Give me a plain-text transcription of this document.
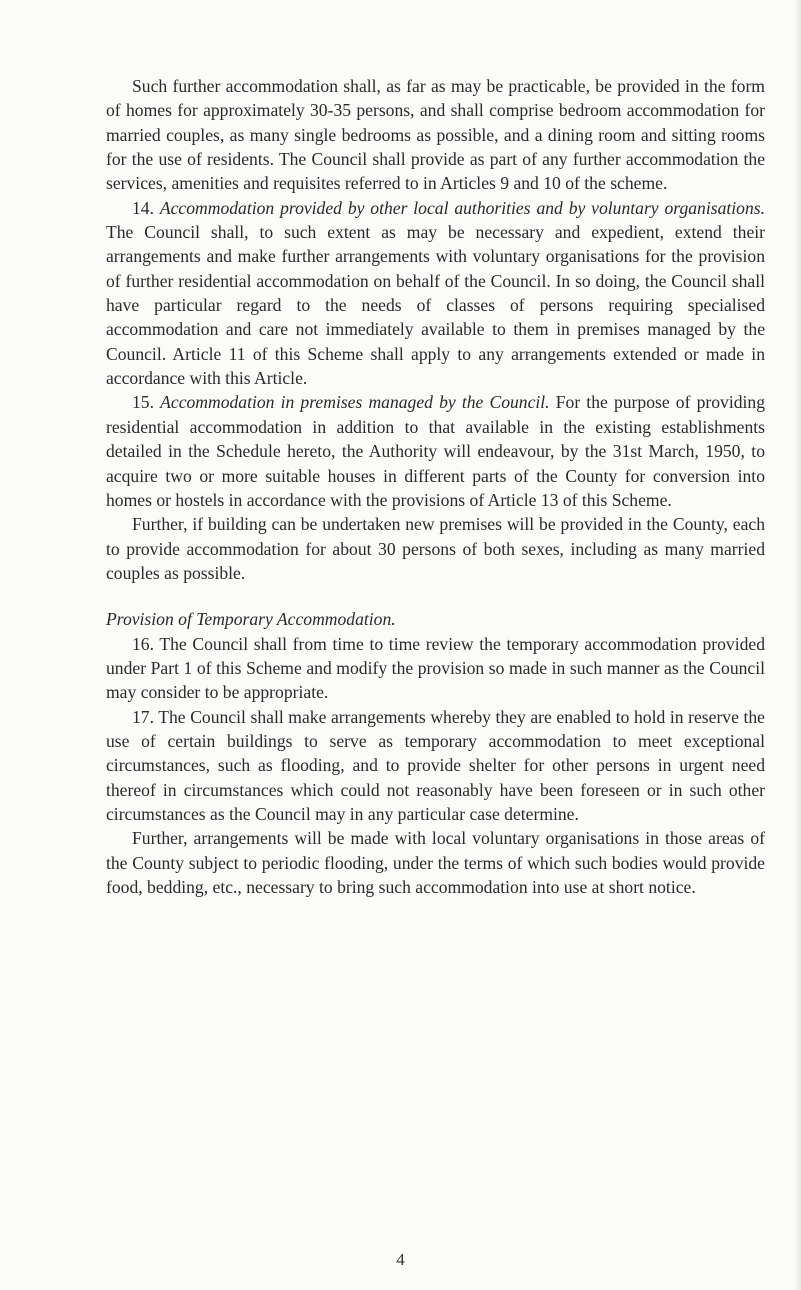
Such further accommodation shall, as far as may be practicable, be provided in the form of homes for approximately 30-35 persons, and shall comprise bedroom accommodation for married couples, as many single bedrooms as possible, and a dining room and sitting rooms for the use of residents. The Council shall provide as part of any further accommodation the services, amenities and requisites referred to in Articles 9 and 10 of the scheme.

14. Accommodation provided by other local authorities and by voluntary organisations. The Council shall, to such extent as may be necessary and expedient, extend their arrangements and make further arrangements with voluntary organisations for the provision of further residential accommodation on behalf of the Council. In so doing, the Council shall have particular regard to the needs of classes of persons requiring specialised accommodation and care not immediately available to them in premises managed by the Council. Article 11 of this Scheme shall apply to any arrangements extended or made in accordance with this Article.

15. Accommodation in premises managed by the Council. For the purpose of providing residential accommodation in addition to that available in the existing establishments detailed in the Schedule hereto, the Authority will endeavour, by the 31st March, 1950, to acquire two or more suitable houses in different parts of the County for conversion into homes or hostels in accordance with the provisions of Article 13 of this Scheme.

Further, if building can be undertaken new premises will be provided in the County, each to provide accommodation for about 30 persons of both sexes, including as many married couples as possible.

Provision of Temporary Accommodation.

16. The Council shall from time to time review the temporary accommodation provided under Part 1 of this Scheme and modify the provision so made in such manner as the Council may consider to be appropriate.

17. The Council shall make arrangements whereby they are enabled to hold in reserve the use of certain buildings to serve as temporary accommodation to meet exceptional circumstances, such as flooding, and to provide shelter for other persons in urgent need thereof in circumstances which could not reasonably have been foreseen or in such other circumstances as the Council may in any particular case determine.

Further, arrangements will be made with local voluntary organisations in those areas of the County subject to periodic flooding, under the terms of which such bodies would provide food, bedding, etc., necessary to bring such accommodation into use at short notice.

4
